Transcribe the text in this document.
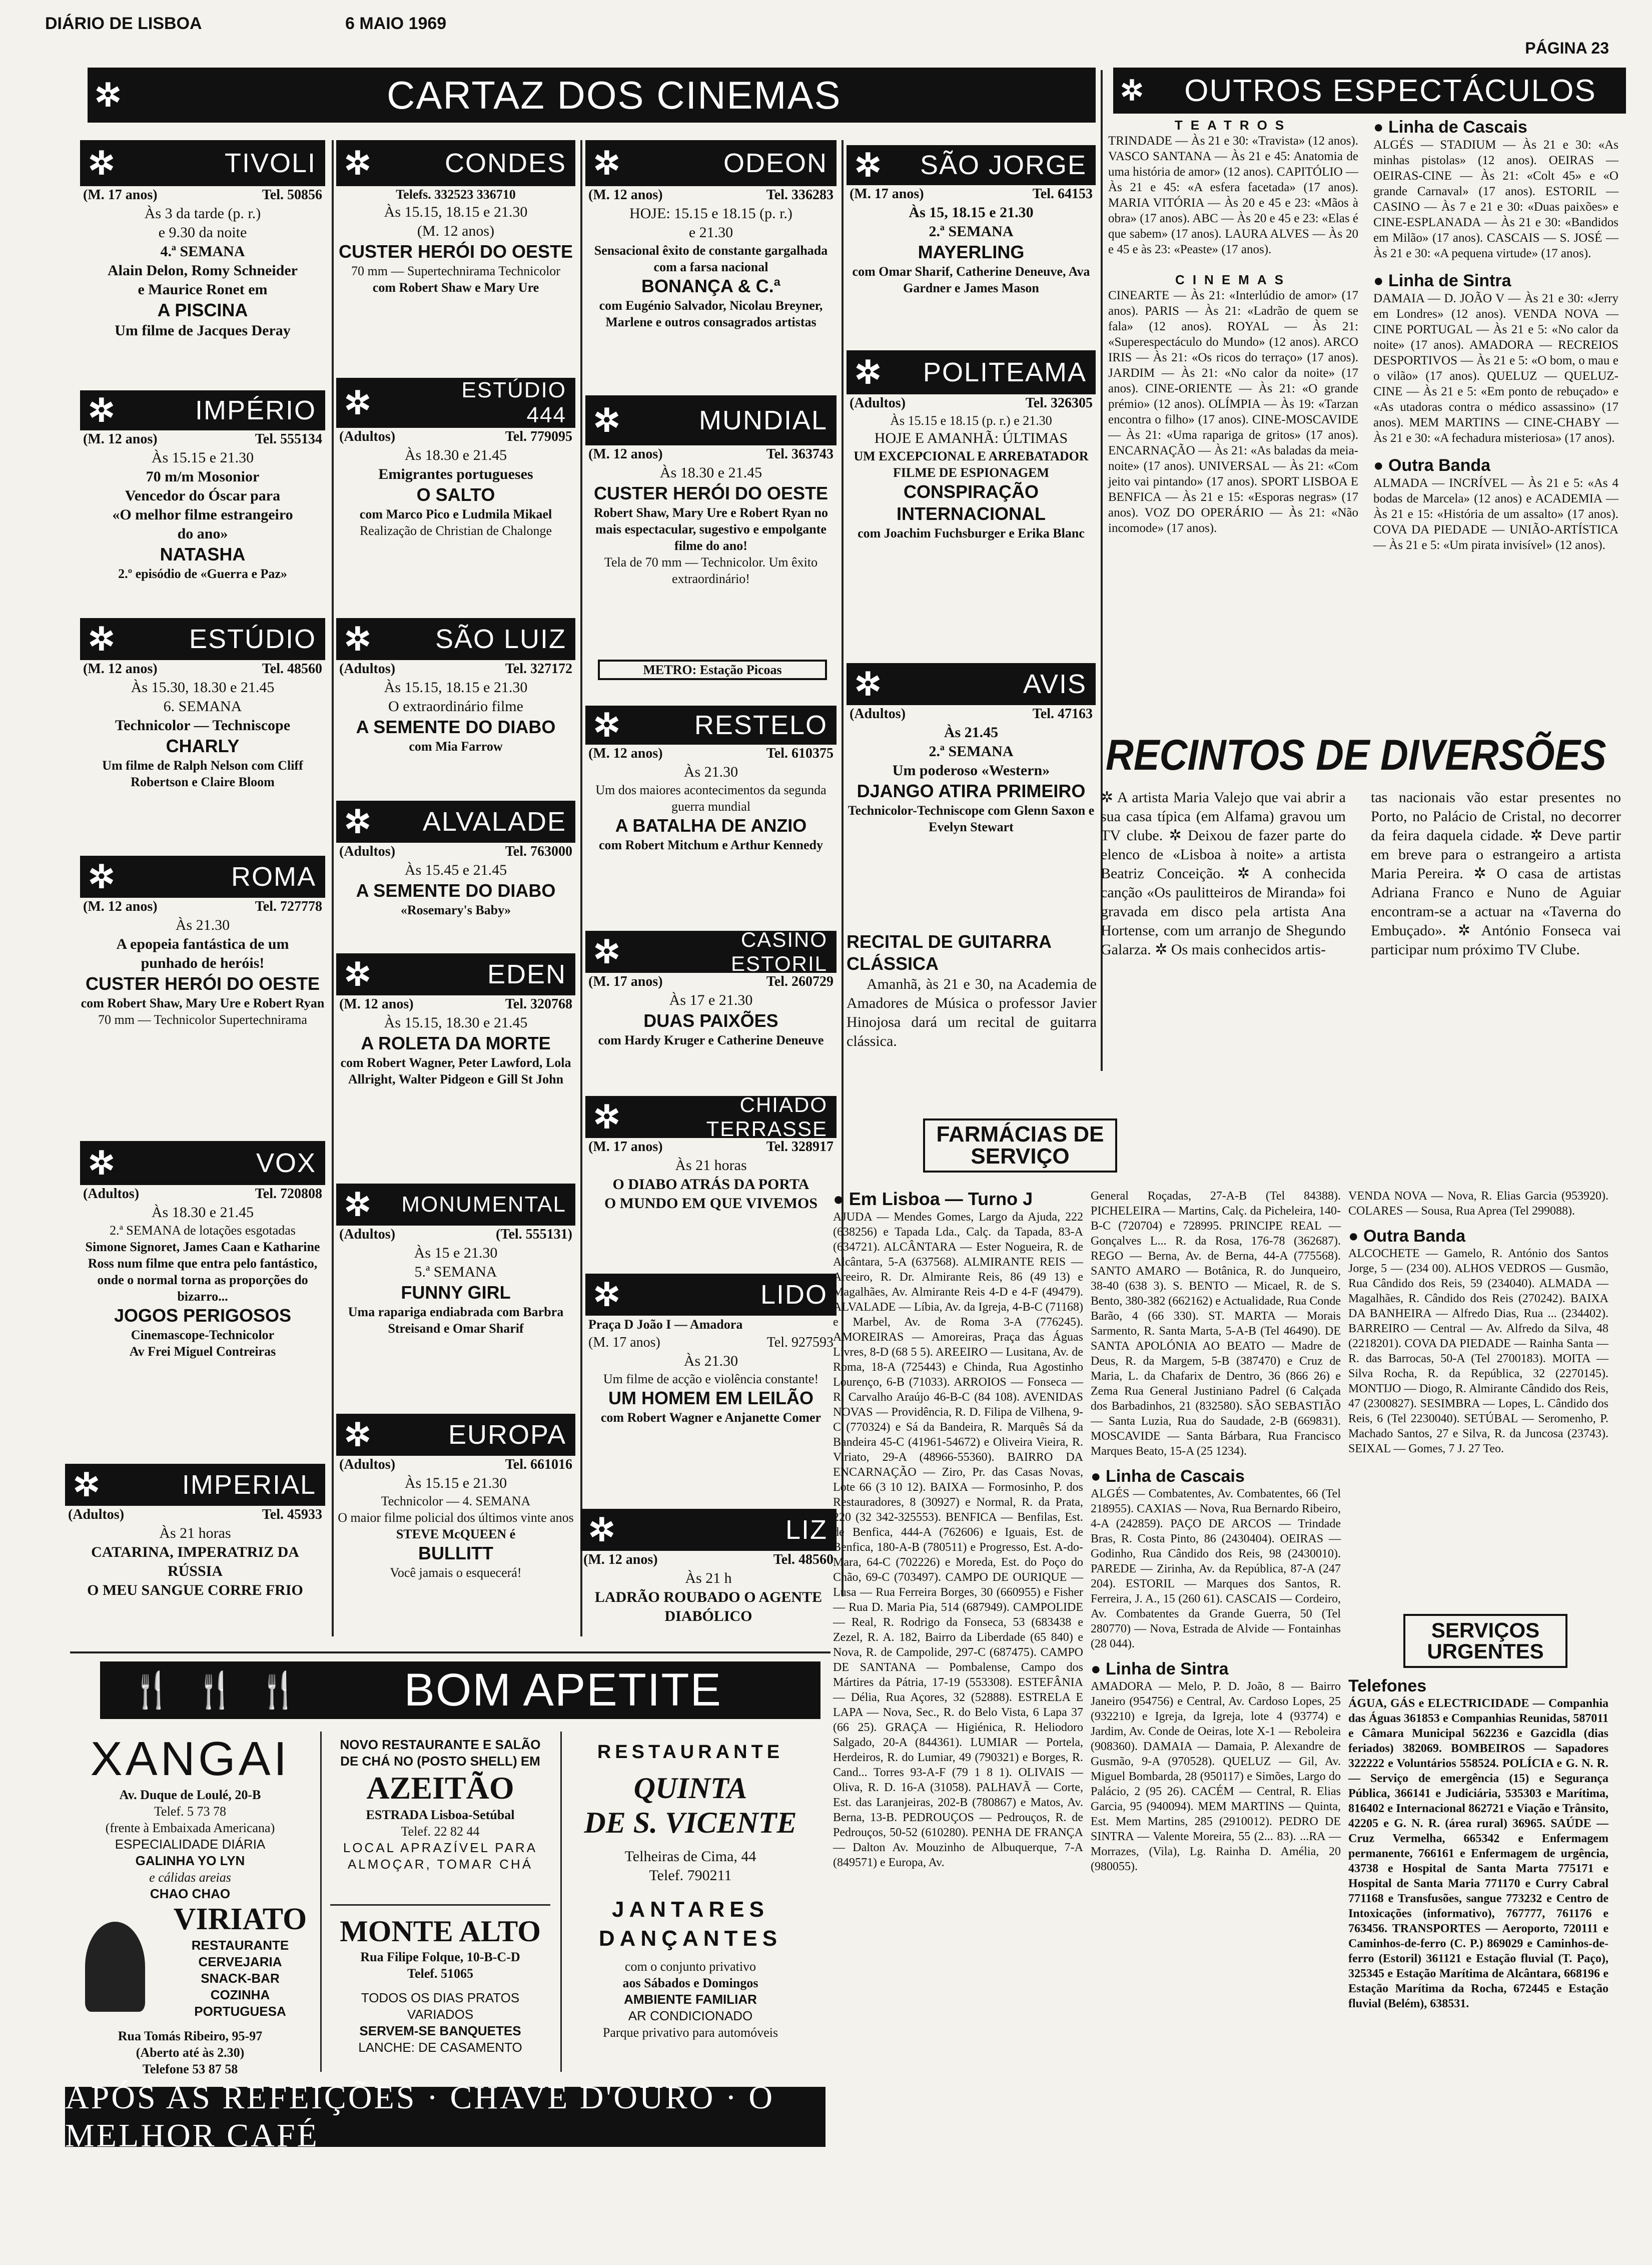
DIÁRIO DE LISBOA	6 MAIO 1969
PÁGINA 23
✲	CARTAZ DOS CINEMAS	✲	OUTROS ESPECTÁCULOS
✲	TIVOLI
(M. 17 anos)	Tel. 50856
Às 3 da tarde (p. r.)
e 9.30 da noite
4.ª SEMANA
Alain Delon, Romy Schneider
e Maurice Ronet em
A PISCINA
Um filme de Jacques Deray
✲	IMPÉRIO
(M. 12 anos)	Tel. 555134
Às 15.15 e 21.30
70 m/m Mosonior
Vencedor do Óscar para
«O melhor filme estrangeiro
do ano»
NATASHA
2.º episódio de «Guerra e Paz»
✲	ESTÚDIO
(M. 12 anos)	Tel. 48560
Às 15.30, 18.30 e 21.45
6. SEMANA
Technicolor — Techniscope
CHARLY
Um filme de Ralph Nelson com Cliff Robertson e Claire Bloom
✲	ROMA
(M. 12 anos)	Tel. 727778
Às 21.30
A epopeia fantástica de um
punhado de heróis!
CUSTER HERÓI DO OESTE
com Robert Shaw, Mary Ure e Robert Ryan
70 mm — Technicolor Supertechnirama
✲	VOX
(Adultos)	Tel. 720808
Às 18.30 e 21.45
2.ª SEMANA de lotações esgotadas
Simone Signoret, James Caan e Katharine Ross num filme que entra pelo fantástico, onde o normal torna as proporções do bizarro...
JOGOS PERIGOSOS
Cinemascope-Technicolor
Av Frei Miguel Contreiras
✲	IMPERIAL
(Adultos)	Tel. 45933
Às 21 horas
CATARINA, IMPERATRIZ DA RÚSSIA
O MEU SANGUE CORRE FRIO
✲	CONDES
Telefs. 332523 336710
Às 15.15, 18.15 e 21.30
(M. 12 anos)
CUSTER HERÓI DO OESTE
70 mm — Supertechnirama Technicolor
com Robert Shaw e Mary Ure
✲	ESTÚDIO 444
(Adultos)	Tel. 779095
Às 18.30 e 21.45
Emigrantes portugueses
O SALTO
com Marco Pico e Ludmila Mikael
Realização de Christian de Chalonge
✲ SÃO LUIZ
(Adultos)	Tel. 327172
Às 15.15, 18.15 e 21.30
O extraordinário filme
A SEMENTE DO DIABO
com Mia Farrow
✲ ALVALADE
(Adultos)	Tel. 763000
Às 15.45 e 21.45
A SEMENTE DO DIABO
«Rosemary's Baby»
✲	EDEN
(M. 12 anos)	Tel. 320768
Às 15.15, 18.30 e 21.45
A ROLETA DA MORTE
com Robert Wagner, Peter Lawford, Lola Allright, Walter Pidgeon e Gill St John
✲ MONUMENTAL
(Adultos)	(Tel. 555131)
Às 15 e 21.30
5.ª SEMANA
FUNNY GIRL
Uma rapariga endiabrada com Barbra Streisand e Omar Sharif
✲	EUROPA
(Adultos)	Tel. 661016
Às 15.15 e 21.30
Technicolor — 4. SEMANA
O maior filme policial dos últimos vinte anos
STEVE McQUEEN é
BULLITT
Você jamais o esquecerá!
✲	ODEON
(M. 12 anos)	Tel. 336283
HOJE: 15.15 e 18.15 (p. r.)
e 21.30
Sensacional êxito de constante gargalhada com a farsa nacional
BONANÇA & C.ª
com Eugénio Salvador, Nicolau Breyner, Marlene e outros consagrados artistas
✲	MUNDIAL
(M. 12 anos)	Tel. 363743
Às 18.30 e 21.45
CUSTER HERÓI DO OESTE
Robert Shaw, Mary Ure e Robert Ryan no mais espectacular, sugestivo e empolgante filme do ano!
Tela de 70 mm — Technicolor. Um êxito extraordinário!
METRO: Estação Picoas
✲	RESTELO
(M. 12 anos)	Tel. 610375
Às 21.30
Um dos maiores acontecimentos da segunda guerra mundial
A BATALHA DE ANZIO
com Robert Mitchum e Arthur Kennedy
✲	CASINO ESTORIL
(M. 17 anos)	Tel. 260729
Às 17 e 21.30
DUAS PAIXÕES
com Hardy Kruger e Catherine Deneuve
✲	CHIADO TERRASSE
(M. 17 anos)	Tel. 328917
Às 21 horas
O DIABO ATRÁS DA PORTA
O MUNDO EM QUE VIVEMOS
✲	LIDO
Praça D João I — Amadora
(M. 17 anos)	Tel. 927593
Às 21.30
Um filme de acção e violência constante!
UM HOMEM EM LEILÃO
com Robert Wagner e Anjanette Comer
✲	LIZ
(M. 12 anos)	Tel. 48560
Às 21 h
LADRÃO ROUBADO O AGENTE DIABÓLICO
✲ SÃO JORGE
(M. 17 anos)	Tel. 64153
Às 15, 18.15 e 21.30
2.ª SEMANA
MAYERLING
com Omar Sharif, Catherine Deneuve, Ava Gardner e James Mason
✲ POLITEAMA
(Adultos)	Tel. 326305
Às 15.15 e 18.15 (p. r.) e 21.30
HOJE E AMANHÃ: ÚLTIMAS
UM EXCEPCIONAL E ARREBATADOR FILME DE ESPIONAGEM
CONSPIRAÇÃO INTERNACIONAL
com Joachim Fuchsburger e Erika Blanc
✲	AVIS
(Adultos)	Tel. 47163
Às 21.45
2.ª SEMANA
Um poderoso «Western»
DJANGO ATIRA PRIMEIRO
Technicolor-Techniscope com Glenn Saxon e Evelyn Stewart
RECITAL DE GUITARRA CLÁSSICA
Amanhã, às 21 e 30, na Academia de Amadores de Música o professor Javier Hinojosa dará um recital de guitarra clássica.
TEATROS
TRINDADE — Às 21 e 30: «Travista» (12 anos). VASCO SANTANA — Às 21 e 45: Anatomia de uma história de amor» (12 anos). CAPITÓLIO — Às 21 e 45: «A esfera facetada» (17 anos). MARIA VITÓRIA — Às 20 e 45 e 23: «Mãos à obra» (17 anos). ABC — Às 20 e 45 e 23: «Elas é que sabem» (17 anos). LAURA ALVES — Às 20 e 45 e às 23: «Peaste» (17 anos).
CINEMAS
CINEARTE — Às 21: «Interlúdio de amor» (17 anos). PARIS — Às 21: «Ladrão de quem se fala» (12 anos). ROYAL — Às 21: «Superespectáculo do Mundo» (12 anos). ARCO IRIS — Às 21: «Os ricos do terraço» (17 anos). JARDIM — Às 21: «No calor da noite» (17 anos). CINE-ORIENTE — Às 21: «O grande prémio» (12 anos). OLÍMPIA — Às 19: «Tarzan encontra o filho» (17 anos). CINE-MOSCAVIDE — Às 21: «Uma rapariga de gritos» (17 anos). ENCARNAÇÃO — Às 21: «As baladas da meia-noite» (17 anos). UNIVERSAL — Às 21: «Com jeito vai pintando» (17 anos). SPORT LISBOA E BENFICA — Às 21 e 15: «Esporas negras» (17 anos). VOZ DO OPERÁRIO — Às 21: «Não incomode» (17 anos).
● Linha de Cascais
ALGÉS — STADIUM — Às 21 e 30: «As minhas pistolas» (12 anos). OEIRAS — OEIRAS-CINE — Às 21: «Colt 45» e «O grande Carnaval» (17 anos). ESTORIL — CASINO — Às 7 e 21 e 30: «Duas paixões» e CINE-ESPLANADA — Às 21 e 30: «Bandidos em Milão» (17 anos). CASCAIS — S. JOSÉ — Às 21 e 30: «A pequena virtude» (17 anos).
● Linha de Sintra
DAMAIA — D. JOÃO V — Às 21 e 30: «Jerry em Londres» (12 anos). VENDA NOVA — CINE PORTUGAL — Às 21 e 5: «No calor da noite» (17 anos). AMADORA — RECREIOS DESPORTIVOS — Às 21 e 5: «O bom, o mau e o vilão» (17 anos). QUELUZ — QUELUZ-CINE — Às 21 e 5: «Em ponto de rebuçado» e «As utadoras contra o médico assassino» (17 anos). MEM MARTINS — CINE-CHABY — Às 21 e 30: «A fechadura misteriosa» (17 anos).
● Outra Banda
ALMADA — INCRÍVEL — Às 21 e 5: «As 4 bodas de Marcela» (12 anos) e ACADEMIA — Às 21 e 15: «História de um assalto» (17 anos). COVA DA PIEDADE — UNIÃO-ARTÍSTICA — Às 21 e 5: «Um pirata invisível» (12 anos).
RECINTOS DE DIVERSÕES
✲ A artista Maria Valejo que vai abrir a sua casa típica (em Alfama) gravou um TV clube. ✲ Deixou de fazer parte do elenco de «Lisboa à noite» a artista Beatriz Conceição. ✲ A conhecida canção «Os paulitteiros de Miranda» foi gravada em disco pela artista Ana Hortense, com um arranjo de Shegundo Galarza. ✲ Os mais conhecidos artis-
tas nacionais vão estar presentes no Porto, no Palácio de Cristal, no decorrer da feira daquela cidade. ✲ Deve partir em breve para o estrangeiro a artista Maria Pereira. ✲ O casa de artistas Adriana Franco e Nuno de Aguiar encontram-se a actuar na «Taverna do Embuçado». ✲ António Fonseca vai participar num próximo TV Clube.
FARMÁCIAS DE SERVIÇO
● Em Lisboa — Turno J
AJUDA — Mendes Gomes, Largo da Ajuda, 222 (638256) e Tapada Lda., Calç. da Tapada, 83-A (634721). ALCÂNTARA — Ester Nogueira, R. de Alcântara, 5-A (637568). ALMIRANTE REIS — Areeiro, R. Dr. Almirante Reis, 86 (49 13) e Magalhães, Av. Almirante Reis 4-D e 4-F (49479). ALVALADE — Líbia, Av. da Igreja, 4-B-C (71168) e Marbel, Av. de Roma 3-A (776245). AMOREIRAS — Amoreiras, Praça das Águas Livres, 8-D (68 5 5). AREEIRO — Lusitana, Av. de Roma, 18-A (725443) e Chinda, Rua Agostinho Lourenço, 6-B (71033). ARROIOS — Fonseca — R. Carvalho Araújo 46-B-C (84 108). AVENIDAS NOVAS — Providência, R. D. Filipa de Vilhena, 9-C (770324) e Sá da Bandeira, R. Marquês Sá da Bandeira 45-C (41961-54672) e Oliveira Vieira, R. Viriato, 29-A (48966-55360). BAIRRO DA ENCARNAÇÃO — Ziro, Pr. das Casas Novas, Lote 66 (3 10 12). BAIXA — Formosinho, P. dos Restauradores, 8 (30927) e Normal, R. da Prata, 220 (32 342-325553). BENFICA — Benfilas, Est. de Benfica, 444-A (762606) e Iguais, Est. de Benfica, 180-A-B (780511) e Progresso, Est. A-do-Mara, 64-C (702226) e Moreda, Est. do Poço do Chão, 69-C (703497). CAMPO DE OURIQUE — Lusa — Rua Ferreira Borges, 30 (660955) e Fisher — Rua D. Maria Pia, 514 (687949). CAMPOLIDE — Real, R. Rodrigo da Fonseca, 53 (683438 e Zezel, R. A. 182, Bairro da Liberdade (65 840) e Nova, R. de Campolide, 297-C (687475). CAMPO DE SANTANA — Pombalense, Campo dos Mártires da Pátria, 17-19 (553308). ESTEFÂNIA — Délia, Rua Açores, 32 (52888). ESTRELA E LAPA — Nova, Sec., R. do Belo Vista, 6 Lapa 37 (66 25). GRAÇA — Higiénica, R. Heliodoro Salgado, 20-A (844361). LUMIAR — Portela, Herdeiros, R. do Lumiar, 49 (790321) e Borges, R. Cand... Torres 93-A-F (79 1 8 1). OLIVAIS — Oliva, R. D. 16-A (31058). PALHAVÃ — Corte, Est. das Laranjeiras, 202-B (780867) e Matos, Av. Berna, 13-B. PEDROUÇOS — Pedrouços, R. de Pedrouços, 50-52 (610280). PENHA DE FRANÇA — Dalton Av. Mouzinho de Albuquerque, 7-A (849571) e Europa, Av.
General Roçadas, 27-A-B (Tel 84388). PICHELEIRA — Martins, Calç. da Picheleira, 140-B-C (720704) e 728995. PRINCIPE REAL — Gonçalves L... R. da Rosa, 176-78 (362687). REGO — Berna, Av. de Berna, 44-A (775568). SANTO AMARO — Botânica, R. do Junqueiro, 38-40 (638 3). S. BENTO — Micael, R. de S. Bento, 380-382 (662162) e Actualidade, Rua Conde Barão, 4 (66 330). ST. MARTA — Morais Sarmento, R. Santa Marta, 5-A-B (Tel 46490). DE SANTA APOLÓNIA AO BEATO — Madre de Deus, R. da Margem, 5-B (387470) e Cruz de Maria, L. da Chafarix de Dentro, 36 (866 26) e Zema Rua General Justiniano Padrel (6 Calçada dos Barbadinhos, 21 (832580). SÃO SEBASTIÃO — Santa Luzia, Rua do Saudade, 2-B (669831). MOSCAVIDE — Santa Bárbara, Rua Francisco Marques Beato, 15-A (25 1234).
● Linha de Cascais
ALGÉS — Combatentes, Av. Combatentes, 66 (Tel 218955). CAXIAS — Nova, Rua Bernardo Ribeiro, 4-A (242859). PAÇO DE ARCOS — Trindade Bras, R. Costa Pinto, 86 (2430404). OEIRAS — Godinho, Rua Cândido dos Reis, 98 (2430010). PAREDE — Zirinha, Av. da República, 87-A (247 204). ESTORIL — Marques dos Santos, R. Ferreira, J. A., 15 (260 61). CASCAIS — Cordeiro, Av. Combatentes da Grande Guerra, 50 (Tel 280770) — Nova, Estrada de Alvide — Fontainhas (28 044).
● Linha de Sintra
AMADORA — Melo, P. D. João, 8 — Bairro Janeiro (954756) e Central, Av. Cardoso Lopes, 25 (932210) e Igreja, da Igreja, lote 4 (93774) e Jardim, Av. Conde de Oeiras, lote X-1 — Reboleira (908360). DAMAIA — Damaia, P. Alexandre de Gusmão, 9-A (970528). QUELUZ — Gil, Av. Miguel Bombarda, 28 (950117) e Simões, Largo do Palácio, 2 (95 26). CACÉM — Central, R. Elias Garcia, 95 (940094). MEM MARTINS — Quinta, Est. Mem Martins, 285 (2910012). PEDRO DE SINTRA — Valente Moreira, 55 (2... 83). ...RA — Morrazes, (Vila), Lg. Rainha D. Amélia, 20 (980055).
VENDA NOVA — Nova, R. Elias Garcia (953920). COLARES — Sousa, Rua Aprea (Tel 299088).
● Outra Banda
ALCOCHETE — Gamelo, R. António dos Santos Jorge, 5 — (234 00). ALHOS VEDROS — Gusmão, Rua Cândido dos Reis, 59 (234040). ALMADA — Magalhães, R. Cândido dos Reis (270242). BAIXA DA BANHEIRA — Alfredo Dias, Rua ... (234402). BARREIRO — Central — Av. Alfredo da Silva, 48 (2218201). COVA DA PIEDADE — Rainha Santa — R. das Barrocas, 50-A (Tel 2700183). MOITA — Silva Rocha, R. da República, 32 (2270145). MONTIJO — Diogo, R. Almirante Cândido dos Reis, 47 (2300827). SESIMBRA — Lopes, L. Cândido dos Reis, 6 (Tel 2230040). SETÚBAL — Seromenho, P. Machado Santos, 27 e Silva, R. da Juncosa (23743). SEIXAL — Gomes, 7 J. 27 Teo.
SERVIÇOS URGENTES
Telefones
ÁGUA, GÁS e ELECTRICIDADE — Companhia das Águas 361853 e Companhias Reunidas, 587011 e Câmara Municipal 562236 e Gazcidla (dias feriados) 382069. BOMBEIROS — Sapadores 322222 e Voluntários 558524. POLÍCIA e G. N. R. — Serviço de emergência (15) e Segurança Pública, 366141 e Judiciária, 535303 e Marítima, 816402 e Internacional 862721 e Viação e Trânsito, 42205 e G. N. R. (área rural) 36965. SAÚDE — Cruz Vermelha, 665342 e Enfermagem permanente, 766161 e Enfermagem de urgência, 43738 e Hospital de Santa Marta 775171 e Hospital de Santa Maria 771170 e Curry Cabral 771168 e Transfusões, sangue 773232 e Centro de Intoxicações (informativo), 767777, 761176 e 763456. TRANSPORTES — Aeroporto, 720111 e Caminhos-de-ferro (C. P.) 869029 e Caminhos-de-ferro (Estoril) 361121 e Estação fluvial (T. Paço), 325345 e Estação Marítima de Alcântara, 668196 e Estação Marítima da Rocha, 672445 e Estação fluvial (Belém), 638531.
🍴 🍴 🍴	BOM APETITE
XANGAI
Av. Duque de Loulé, 20-B
Telef. 5 73 78
(frente à Embaixada Americana)
ESPECIALIDADE DIÁRIA
GALINHA YO LYN
e cálidas areias
CHAO CHAO
VIRIATO
RESTAURANTE
CERVEJARIA
SNACK-BAR
COZINHA
PORTUGUESA
Rua Tomás Ribeiro, 95-97
(Aberto até às 2.30)
Telefone 53 87 58
NOVO RESTAURANTE E SALÃO DE CHÁ NO (POSTO SHELL) EM
AZEITÃO
ESTRADA Lisboa-Setúbal
Telef. 22 82 44
LOCAL APRAZÍVEL PARA
ALMOÇAR, TOMAR CHÁ
MONTE ALTO
Rua Filipe Folque, 10-B-C-D
Telef. 51065
TODOS OS DIAS PRATOS
VARIADOS
SERVEM-SE BANQUETES
LANCHE: DE CASAMENTO
RESTAURANTE
QUINTA
DE S. VICENTE
Telheiras de Cima, 44
Telef. 790211
JANTARES DANÇANTES
com o conjunto privativo
aos Sábados e Domingos
AMBIENTE FAMILIAR
AR CONDICIONADO
Parque privativo para automóveis
APÓS AS REFEIÇÕES · CHAVE D'OURO · O MELHOR CAFÉ
